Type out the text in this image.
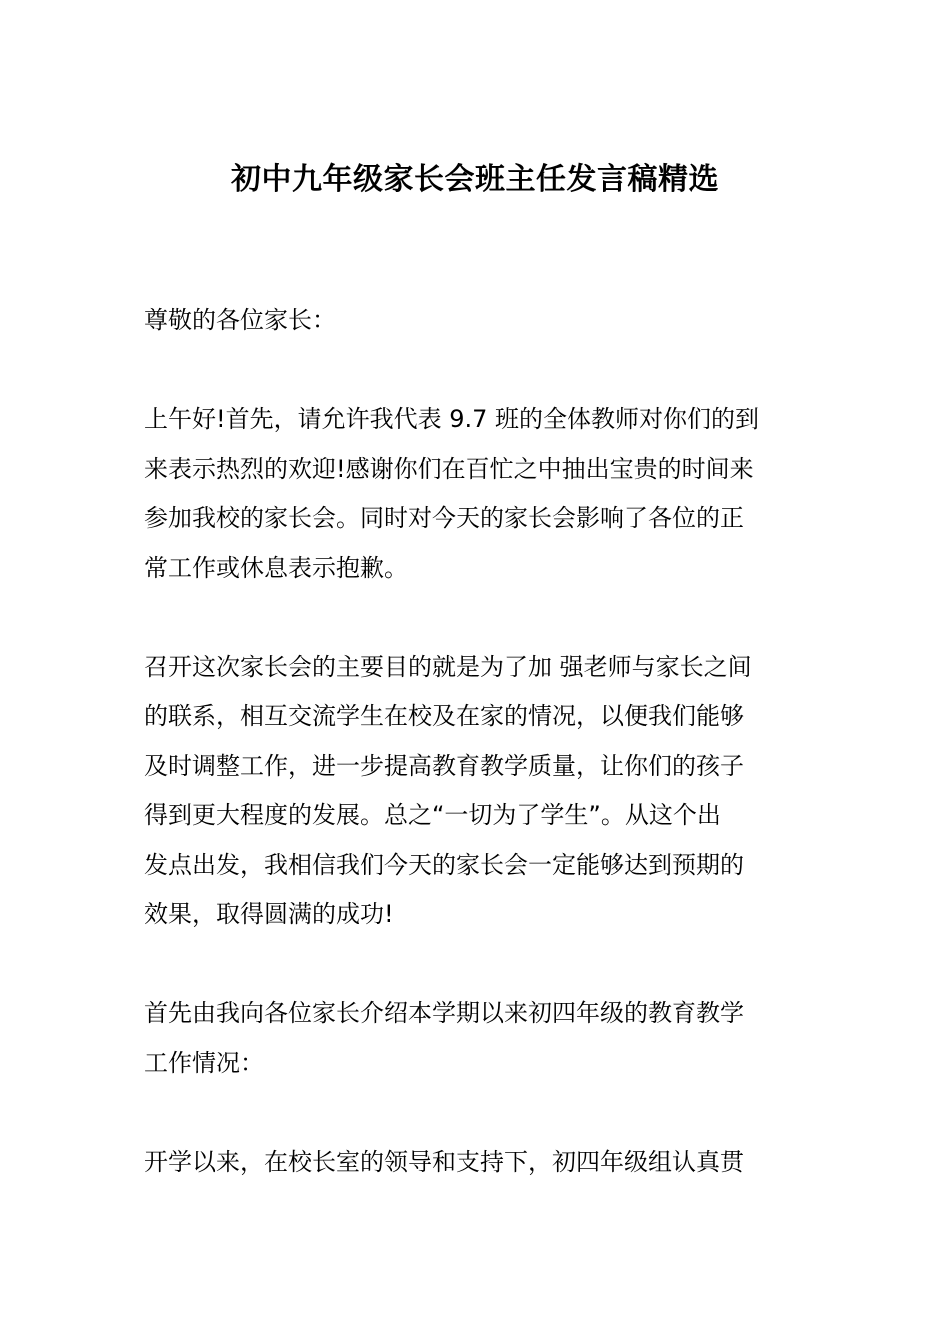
初中九年级家长会班主任发言稿精选

尊敬的各位家长：

上午好!首先，请允许我代表 9.7 班的全体教师对你们的到
来表示热烈的欢迎!感谢你们在百忙之中抽出宝贵的时间来
参加我校的家长会。同时对今天的家长会影响了各位的正
常工作或休息表示抱歉。

召开这次家长会的主要目的就是为了加 强老师与家长之间
的联系，相互交流学生在校及在家的情况，以便我们能够
及时调整工作，进一步提高教育教学质量，让你们的孩子
得到更大程度的发展。总之“一切为了学生”。从这个出
发点出发，我相信我们今天的家长会一定能够达到预期的
效果，取得圆满的成功!

首先由我向各位家长介绍本学期以来初四年级的教育教学
工作情况：

开学以来，在校长室的领导和支持下，初四年级组认真贯
